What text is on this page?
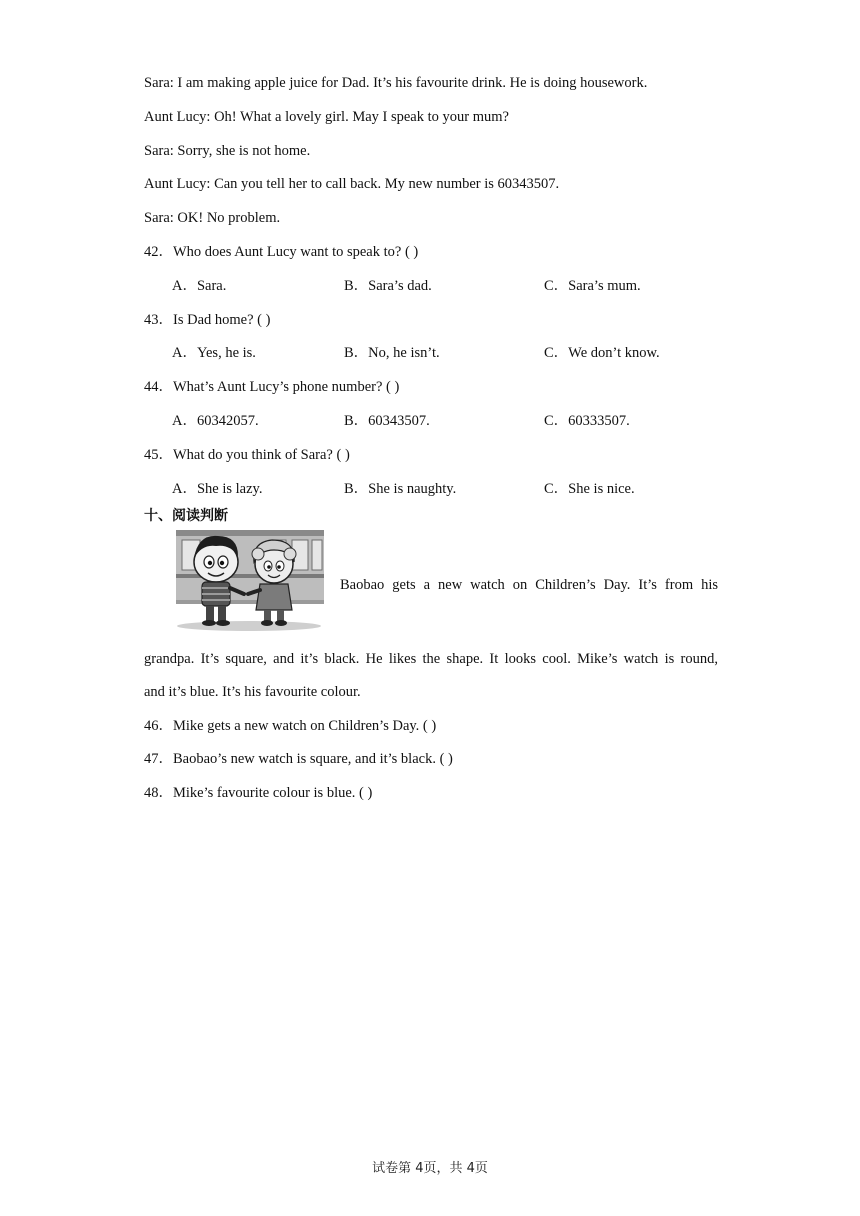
Sara: I am making apple juice for Dad. It’s his favourite drink. He is doing housework.
Aunt Lucy: Oh! What a lovely girl. May I speak to your mum?
Sara: Sorry, she is not home.
Aunt Lucy: Can you tell her to call back. My new number is 60343507.
Sara: OK! No problem.
42．Who does Aunt Lucy want to speak to? ( )
A．Sara.	B．Sara’s dad.	C．Sara’s mum.
43．Is Dad home? ( )
A．Yes, he is.	B．No, he isn’t.	C．We don’t know.
44．What’s Aunt Lucy’s phone number? ( )
A．60342057.	B．60343507.	C．60333507.
45．What do you think of Sara? ( )
A．She is lazy.	B．She is naughty.	C．She is nice.
十、阅读判断
Baobao gets a new watch on Children’s Day. It’s from his
grandpa. It’s square, and it’s black. He likes the shape. It looks cool. Mike’s watch is round,
and it’s blue. It’s his favourite colour.
46．Mike gets a new watch on Children’s Day. ( )
47．Baobao’s new watch is square, and it’s black. ( )
48．Mike’s favourite colour is blue. ( )
试卷第 4页，共 4页
